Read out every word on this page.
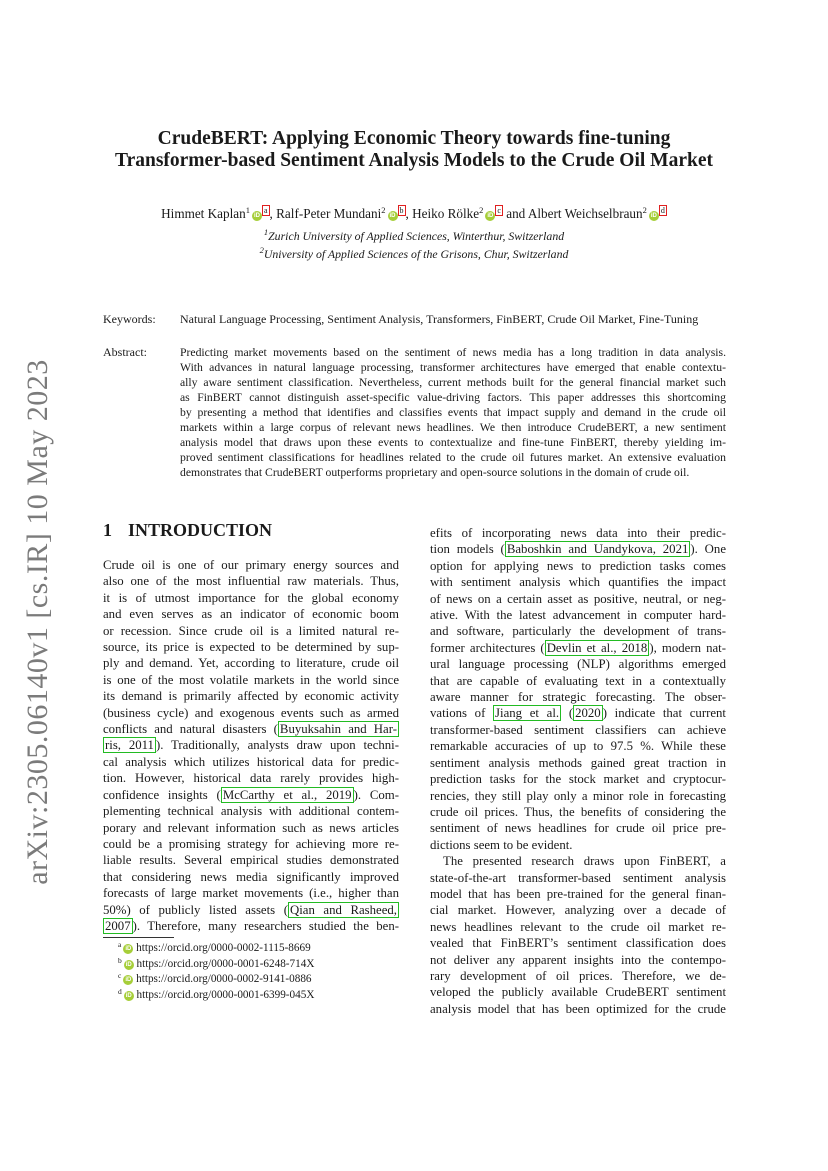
arXiv:2305.06140v1 [cs.IR] 10 May 2023
CrudeBERT: Applying Economic Theory towards fine-tuning
Transformer-based Sentiment Analysis Models to the Crude Oil Market
Himmet $Kaplan^1iD^a$ , Ralf-Peter $Mundani^2iD^b$ , Heiko $Rölke^2iD^c$ and Albert $Weichselbraun^2iD^d$
$^1$Zurich University of Applied Sciences, Winterthur, Switzerland
$^2$University of Applied Sciences of the Grisons, Chur, Switzerland
Keywords: Natural Language Processing, Sentiment Analysis, Transformers, FinBERT, Crude Oil Market, Fine-Tuning
Abstract:	Predicting market movements based on the sentiment of news media has a long tradition in data analysis.
With advances in natural language processing, transformer architectures have emerged that enable contextu-
ally aware sentiment classification. Nevertheless, current methods built for the general financial market such
as FinBERT cannot distinguish asset-specific value-driving factors. This paper addresses this shortcoming
by presenting a method that identifies and classifies events that impact supply and demand in the crude oil
markets within a large corpus of relevant news headlines. We then introduce CrudeBERT, a new sentiment
analysis model that draws upon these events to contextualize and fine-tune FinBERT, thereby yielding im-
proved sentiment classifications for headlines related to the crude oil futures market. An extensive evaluation
demonstrates that CrudeBERT outperforms proprietary and open-source solutions in the domain of crude oil.
1 INTRODUCTION
Crude oil is one of our primary energy sources and
also one of the most influential raw materials. Thus,
it is of utmost importance for the global economy
and even serves as an indicator of economic boom
or recession. Since crude oil is a limited natural re-
source, its price is expected to be determined by sup-
ply and demand. Yet, according to literature, crude oil
is one of the most volatile markets in the world since
its demand is primarily affected by economic activity
(business cycle) and exogenous events such as armed
conflicts and natural disasters ( Buyuksahin and Har-
ris, 2011 ). Traditionally, analysts draw upon techni-
cal analysis which utilizes historical data for predic-
tion. However, historical data rarely provides high-
confidence insights ( McCarthy et al., 2019 ). Com-
plementing technical analysis with additional contem-
porary and relevant information such as news articles
could be a promising strategy for achieving more re-
liable results. Several empirical studies demonstrated
that considering news media significantly improved
forecasts of large market movements (i.e., higher than
50%) of publicly listed assets ( Qian and Rasheed,
2007 ). Therefore, many researchers studied the ben-
efits of incorporating news data into their predic-
tion models ( Baboshkin and Uandykova, 2021 ). One
option for applying news to prediction tasks comes
with sentiment analysis which quantifies the impact
of news on a certain asset as positive, neutral, or neg-
ative. With the latest advancement in computer hard-
and software, particularly the development of trans-
former architectures ( Devlin et al., 2018 ), modern nat-
ural language processing (NLP) algorithms emerged
that are capable of evaluating text in a contextually
aware manner for strategic forecasting. The obser-
vations of Jiang et al. ( 2020 ) indicate that current
transformer-based sentiment classifiers can achieve
remarkable accuracies of up to 97.5 %. While these
sentiment analysis methods gained great traction in
prediction tasks for the stock market and cryptocur-
rencies, they still play only a minor role in forecasting
crude oil prices. Thus, the benefits of considering the
sentiment of news headlines for crude oil price pre-
dictions seem to be evident.
The presented research draws upon FinBERT, a
state-of-the-art transformer-based sentiment analysis
model that has been pre-trained for the general finan-
cial market. However, analyzing over a decade of
news headlines relevant to the crude oil market re-
vealed that FinBERT’s sentiment classification does
not deliver any apparent insights into the contempo-
rary development of oil prices. Therefore, we de-
veloped the publicly available CrudeBERT sentiment
analysis model that has been optimized for the crude
$^a$ iD https://orcid.org/0000-0002-1115-8669
$^b$ iD https://orcid.org/0000-0001-6248-714X
$^c$ iD https://orcid.org/0000-0002-9141-0886
$^d$ iD https://orcid.org/0000-0001-6399-045X
